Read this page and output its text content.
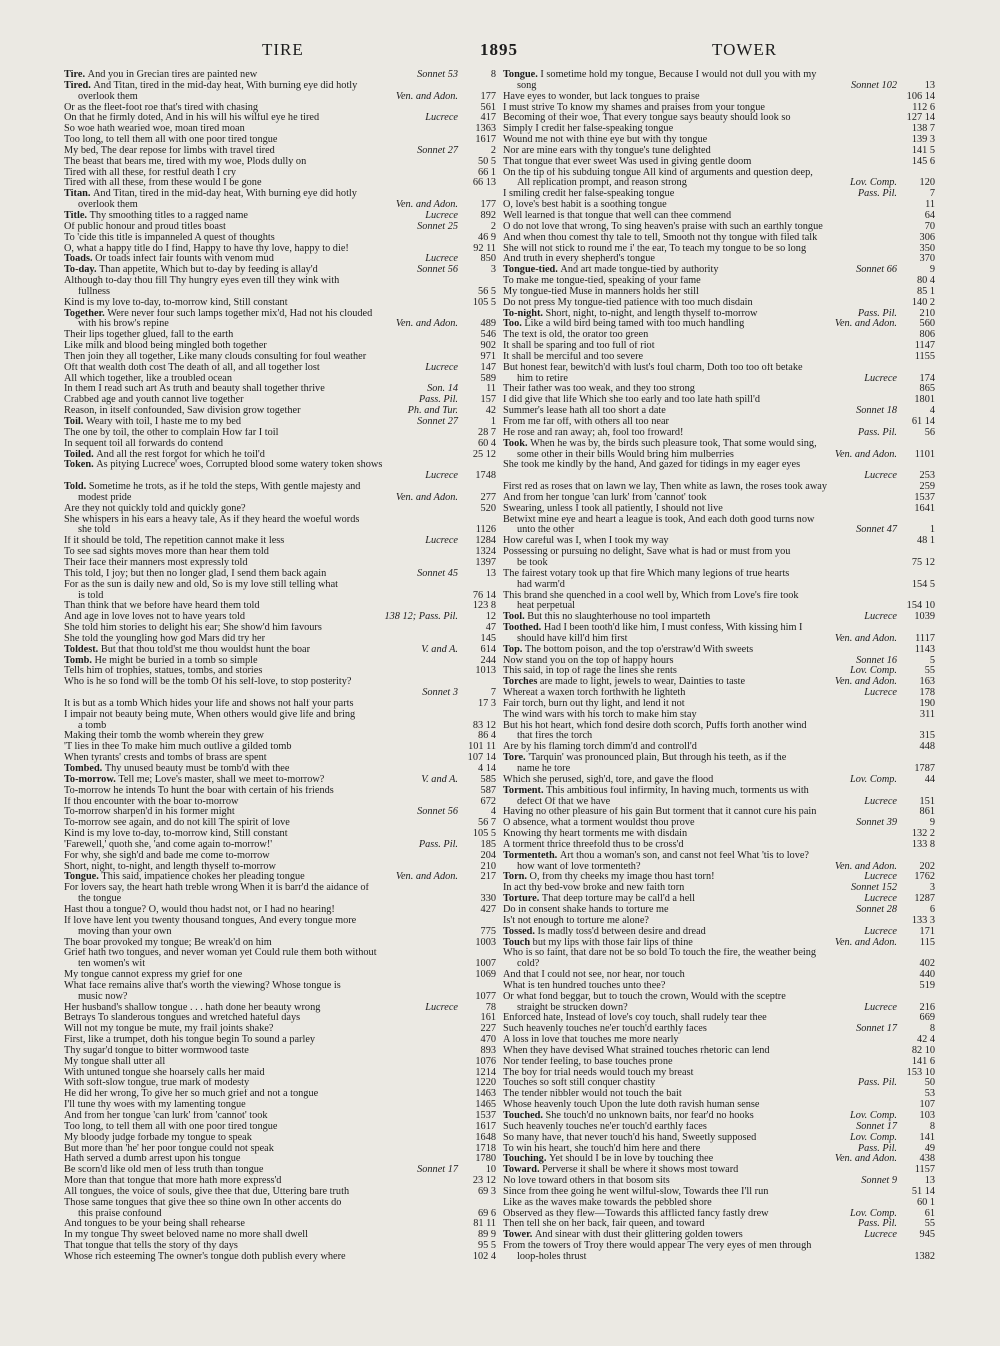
TIRE	1895	TOWER
Tire. And you in Grecian tires are painted new	Sonnet 53	8
Tired. And Titan, tired in the mid-day heat, With burning eye did hotly
overlook them	Ven. and Adon.	177
Or as the fleet-foot roe that's tired with chasing	561
On that he firmly doted, And in his will his wilful eye he tired	Lucrece	417
So woe hath wearied woe, moan tired moan	1363
Too long, to tell them all with one poor tired tongue	1617
My bed, The dear repose for limbs with travel tired	Sonnet 27	2
The beast that bears me, tired with my woe, Plods dully on	50 5
Tired with all these, for restful death I cry	66 1
Tired with all these, from these would I be gone	66 13
Titan. And Titan, tired in the mid-day heat, With burning eye did hotly
overlook them	Ven. and Adon.	177
Title. Thy smoothing titles to a ragged name	Lucrece	892
Of public honour and proud titles boast	Sonnet 25	2
To 'cide this title is impanneled A quest of thoughts	46 9
O, what a happy title do I find, Happy to have thy love, happy to die!	92 11
Toads. Or toads infect fair founts with venom mud	Lucrece	850
To-day. Than appetite, Which but to-day by feeding is allay'd	Sonnet 56	3
Although to-day thou fill Thy hungry eyes even till they wink with
fullness	56 5
Kind is my love to-day, to-morrow kind, Still constant	105 5
Together. Were never four such lamps together mix'd, Had not his clouded
with his brow's repine	Ven. and Adon.	489
Their lips together glued, fall to the earth	546
Like milk and blood being mingled both together	902
Then join they all together, Like many clouds consulting for foul weather	971
Oft that wealth doth cost The death of all, and all together lost	Lucrece	147
All which together, like a troubled ocean	589
In them I read such art As truth and beauty shall together thrive	Son. 14	11
Crabbed age and youth cannot live together	Pass. Pil.	157
Reason, in itself confounded, Saw division grow together	Ph. and Tur.	42
Toil. Weary with toil, I haste me to my bed	Sonnet 27	1
The one by toil, the other to complain How far I toil	28 7
In sequent toil all forwards do contend	60 4
Toiled. And all the rest forgot for which he toil'd	25 12
Token. As pitying Lucrece' woes, Corrupted blood some watery token shows
Lucrece	1748
Told. Sometime he trots, as if he told the steps, With gentle majesty and
modest pride	Ven. and Adon.	277
Are they not quickly told and quickly gone?	520
She whispers in his ears a heavy tale, As if they heard the woeful words
she told	1126
If it should be told, The repetition cannot make it less	Lucrece	1284
To see sad sights moves more than hear them told	1324
Their face their manners most expressly told	1397
This told, I joy; but then no longer glad, I send them back again	Sonnet 45	13
For as the sun is daily new and old, So is my love still telling what
is told	76 14
Than think that we before have heard them told	123 8
And age in love loves not to have years told	138 12; Pass. Pil.	12
She told him stories to delight his ear; She show'd him favours	47
She told the youngling how god Mars did try her	145
Toldest. But that thou told'st me thou wouldst hunt the boar	V. and A.	614
Tomb. He might be buried in a tomb so simple	244
Tells him of trophies, statues, tombs, and stories	1013
Who is he so fond will be the tomb Of his self-love, to stop posterity?
Sonnet 3	7
It is but as a tomb Which hides your life and shows not half your parts	17 3
I impair not beauty being mute, When others would give life and bring
a tomb	83 12
Making their tomb the womb wherein they grew	86 4
'T lies in thee To make him much outlive a gilded tomb	101 11
When tyrants' crests and tombs of brass are spent	107 14
Tombed. Thy unused beauty must be tomb'd with thee	4 14
To-morrow. Tell me; Love's master, shall we meet to-morrow?	V. and A.	585
To-morrow he intends To hunt the boar with certain of his friends	587
If thou encounter with the boar to-morrow	672
To-morrow sharpen'd in his former might	Sonnet 56	4
To-morrow see again, and do not kill The spirit of love	56 7
Kind is my love to-day, to-morrow kind, Still constant	105 5
'Farewell,' quoth she, 'and come again to-morrow!'	Pass. Pil.	185
For why, she sigh'd and bade me come to-morrow	204
Short, night, to-night, and length thyself to-morrow	210
Tongue. This said, impatience chokes her pleading tongue	Ven. and Adon.	217
For lovers say, the heart hath treble wrong When it is barr'd the aidance of
the tongue	330
Hast thou a tongue? O, would thou hadst not, or I had no hearing!	427
If love have lent you twenty thousand tongues, And every tongue more
moving than your own	775
The boar provoked my tongue; Be wreak'd on him	1003
Grief hath two tongues, and never woman yet Could rule them both without
ten women's wit	1007
My tongue cannot express my grief for one	1069
What face remains alive that's worth the viewing? Whose tongue is
music now?	1077
Her husband's shallow tongue . . . hath done her beauty wrong	Lucrece	78
Betrays To slanderous tongues and wretched hateful days	161
Will not my tongue be mute, my frail joints shake?	227
First, like a trumpet, doth his tongue begin To sound a parley	470
Thy sugar'd tongue to bitter wormwood taste	893
My tongue shall utter all	1076
With untuned tongue she hoarsely calls her maid	1214
With soft-slow tongue, true mark of modesty	1220
He did her wrong, To give her so much grief and not a tongue	1463
I'll tune thy woes with my lamenting tongue	1465
And from her tongue 'can lurk' from 'cannot' took	1537
Too long, to tell them all with one poor tired tongue	1617
My bloody judge forbade my tongue to speak	1648
But more than 'he' her poor tongue could not speak	1718
Hath served a dumb arrest upon his tongue	1780
Be scorn'd like old men of less truth than tongue	Sonnet 17	10
More than that tongue that more hath more express'd	23 12
All tongues, the voice of souls, give thee that due, Uttering bare truth	69 3
Those same tongues that give thee so thine own In other accents do
this praise confound	69 6
And tongues to be your being shall rehearse	81 11
In my tongue Thy sweet beloved name no more shall dwell	89 9
That tongue that tells the story of thy days	95 5
Whose rich esteeming The owner's tongue doth publish every where	102 4
Tongue. I sometime hold my tongue, Because I would not dull you with my
song	Sonnet 102	13
Have eyes to wonder, but lack tongues to praise	106 14
I must strive To know my shames and praises from your tongue	112 6
Becoming of their woe, That every tongue says beauty should look so	127 14
Simply I credit her false-speaking tongue	138 7
Wound me not with thine eye but with thy tongue	139 3
Nor are mine ears with thy tongue's tune delighted	141 5
That tongue that ever sweet Was used in giving gentle doom	145 6
On the tip of his subduing tongue All kind of arguments and question deep,
All replication prompt, and reason strong	Lov. Comp.	120
I smiling credit her false-speaking tongue	Pass. Pil.	7
O, love's best habit is a soothing tongue	11
Well learned is that tongue that well can thee commend	64
O do not love that wrong, To sing heaven's praise with such an earthly tongue	70
And when thou comest thy tale to tell, Smooth not thy tongue with filed talk	306
She will not stick to round me i' the ear, To teach my tongue to be so long	350
And truth in every shepherd's tongue	370
Tongue-tied. And art made tongue-tied by authority	Sonnet 66	9
To make me tongue-tied, speaking of your fame	80 4
My tongue-tied Muse in manners holds her still	85 1
Do not press My tongue-tied patience with too much disdain	140 2
To-night. Short, night, to-night, and length thyself to-morrow	Pass. Pil.	210
Too. Like a wild bird being tamed with too much handling	Ven. and Adon.	560
The text is old, the orator too green	806
It shall be sparing and too full of riot	1147
It shall be merciful and too severe	1155
But honest fear, bewitch'd with lust's foul charm, Doth too too oft betake
him to retire	Lucrece	174
Their father was too weak, and they too strong	865
I did give that life Which she too early and too late hath spill'd	1801
Summer's lease hath all too short a date	Sonnet 18	4
From me far off, with others all too near	61 14
He rose and ran away; ah, fool too froward!	Pass. Pil.	56
Took. When he was by, the birds such pleasure took, That some would sing,
some other in their bills Would bring him mulberries	Ven. and Adon.	1101
She took me kindly by the hand, And gazed for tidings in my eager eyes
Lucrece	253
First red as roses that on lawn we lay, Then white as lawn, the roses took away	259
And from her tongue 'can lurk' from 'cannot' took	1537
Swearing, unless I took all patiently, I should not live	1641
Betwixt mine eye and heart a league is took, And each doth good turns now
unto the other	Sonnet 47	1
How careful was I, when I took my way	48 1
Possessing or pursuing no delight, Save what is had or must from you
be took	75 12
The fairest votary took up that fire Which many legions of true hearts
had warm'd	154 5
This brand she quenched in a cool well by, Which from Love's fire took
heat perpetual	154 10
Tool. But this no slaughterhouse no tool imparteth	Lucrece	1039
Toothed. Had I been tooth'd like him, I must confess, With kissing him I
should have kill'd him first	Ven. and Adon.	1117
Top. The bottom poison, and the top o'erstraw'd With sweets	1143
Now stand you on the top of happy hours	Sonnet 16	5
This said, in top of rage the lines she rents	Lov. Comp.	55
Torches are made to light, jewels to wear, Dainties to taste	Ven. and Adon.	163
Whereat a waxen torch forthwith he lighteth	Lucrece	178
Fair torch, burn out thy light, and lend it not	190
The wind wars with his torch to make him stay	311
But his hot heart, which fond desire doth scorch, Puffs forth another wind
that fires the torch	315
Are by his flaming torch dimm'd and controll'd	448
Tore. 'Tarquin' was pronounced plain, But through his teeth, as if the
name he tore	1787
Which she perused, sigh'd, tore, and gave the flood	Lov. Comp.	44
Torment. This ambitious foul infirmity, In having much, torments us with
defect Of that we have	Lucrece	151
Having no other pleasure of his gain But torment that it cannot cure his pain	861
O absence, what a torment wouldst thou prove	Sonnet 39	9
Knowing thy heart torments me with disdain	132 2
A torment thrice threefold thus to be cross'd	133 8
Tormenteth. Art thou a woman's son, and canst not feel What 'tis to love?
how want of love tormenteth?	Ven. and Adon.	202
Torn. O, from thy cheeks my image thou hast torn!	Lucrece	1762
In act thy bed-vow broke and new faith torn	Sonnet 152	3
Torture. That deep torture may be call'd a hell	Lucrece	1287
Do in consent shake hands to torture me	Sonnet 28	6
Is't not enough to torture me alone?	133 3
Tossed. Is madly toss'd between desire and dread	Lucrece	171
Touch but my lips with those fair lips of thine	Ven. and Adon.	115
Who is so faint, that dare not be so bold To touch the fire, the weather being
cold?	402
And that I could not see, nor hear, nor touch	440
What is ten hundred touches unto thee?	519
Or what fond beggar, but to touch the crown, Would with the sceptre
straight be strucken down?	Lucrece	216
Enforced hate, Instead of love's coy touch, shall rudely tear thee	669
Such heavenly touches ne'er touch'd earthly faces	Sonnet 17	8
A loss in love that touches me more nearly	42 4
When they have devised What strained touches rhetoric can lend	82 10
Nor tender feeling, to base touches prone	141 6
The boy for trial needs would touch my breast	153 10
Touches so soft still conquer chastity	Pass. Pil.	50
The tender nibbler would not touch the bait	53
Whose heavenly touch Upon the lute doth ravish human sense	107
Touched. She touch'd no unknown baits, nor fear'd no hooks	Lov. Comp.	103
Such heavenly touches ne'er touch'd earthly faces	Sonnet 17	8
So many have, that never touch'd his hand, Sweetly supposed	Lov. Comp.	141
To win his heart, she touch'd him here and there	Pass. Pil.	49
Touching. Yet should I be in love by touching thee	Ven. and Adon.	438
Toward. Perverse it shall be where it shows most toward	1157
No love toward others in that bosom sits	Sonnet 9	13
Since from thee going he went wilful-slow, Towards thee I'll run	51 14
Like as the waves make towards the pebbled shore	60 1
Observed as they flew—Towards this afflicted fancy fastly drew	Lov. Comp.	61
Then tell she on her back, fair queen, and toward	Pass. Pil.	55
Tower. And sinear with dust their glittering golden towers	Lucrece	945
From the towers of Troy there would appear The very eyes of men through
loop-holes thrust	1382
